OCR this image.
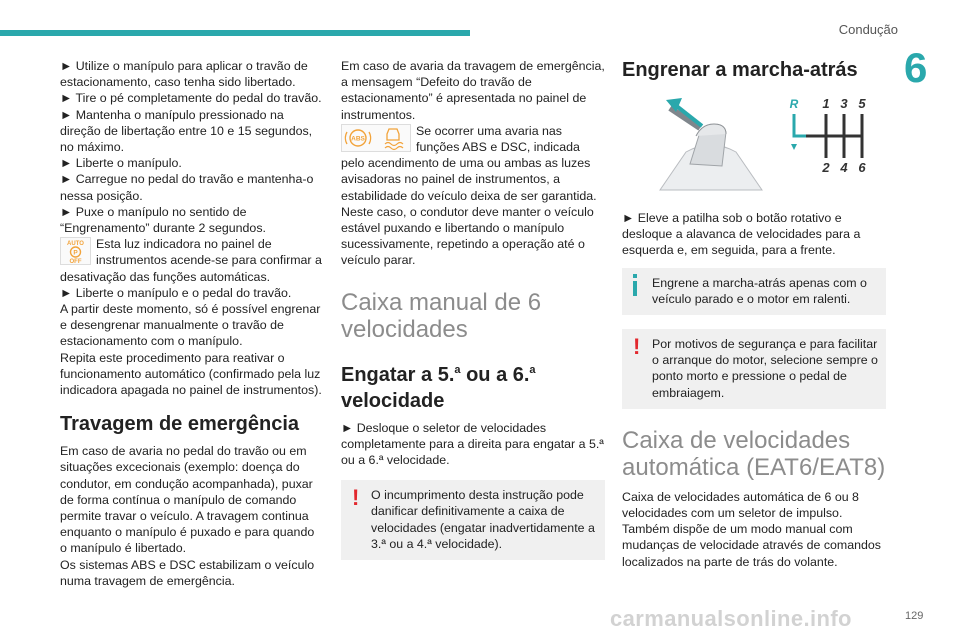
Condução
6

► Utilize o manípulo para aplicar o travão de estacionamento, caso tenha sido libertado.

► Tire o pé completamente do pedal do travão.

► Mantenha o manípulo pressionado na direção de libertação entre 10 e 15 segundos, no máximo.

► Liberte o manípulo.

► Carregue no pedal do travão e mantenha-o nessa posição.

► Puxe o manípulo no sentido de “Engrenamento” durante 2 segundos.

AUTO
P
OFF
Esta luz indicadora no painel de instrumentos acende-se para confirmar a desativação das funções automáticas.

► Liberte o manípulo e o pedal do travão.

A partir deste momento, só é possível engrenar e desengrenar manualmente o travão de estacionamento com o manípulo.

Repita este procedimento para reativar o funcionamento automático (confirmado pela luz indicadora apagada no painel de instrumentos).

Travagem de emergência

Em caso de avaria no pedal do travão ou em situações excecionais (exemplo: doença do condutor, em condução acompanhada), puxar de forma contínua o manípulo de comando permite travar o veículo. A travagem continua enquanto o manípulo é puxado e para quando o manípulo é libertado.

Os sistemas ABS e DSC estabilizam o veículo numa travagem de emergência.

Em caso de avaria da travagem de emergência, a mensagem “Defeito do travão de estacionamento” é apresentada no painel de instrumentos.

ABS
Se ocorrer uma avaria nas funções ABS e DSC, indicada pelo acendimento de uma ou ambas as luzes avisadoras no painel de instrumentos, a estabilidade do veículo deixa de ser garantida.

Neste caso, o condutor deve manter o veículo estável puxando e libertando o manípulo sucessivamente, repetindo a operação até o veículo parar.

Caixa manual de 6 velocidades
Engatar a 5.$^a$ ou a 6.$^a$
velocidade

► Desloque o seletor de velocidades completamente para a direita para engatar a 5.ª ou a 6.ª velocidade.

! O incumprimento desta instrução pode danificar definitivamente a caixa de velocidades (engatar inadvertidamente a 3.ª ou a 4.ª velocidade).
Engrenar a marcha-atrás
R 1 3 5
2 4 6

► Eleve a patilha sob o botão rotativo e desloque a alavanca de velocidades para a esquerda e, em seguida, para a frente.

Engrene a marcha-atrás apenas com o veículo parado e o motor em ralenti.
! Por motivos de segurança e para facilitar o arranque do motor, selecione sempre o ponto morto e pressione o pedal de embraiagem.
Caixa de velocidades automática (EAT6/EAT8)

Caixa de velocidades automática de 6 ou 8 velocidades com um seletor de impulso. Também dispõe de um modo manual com mudanças de velocidade através de comandos localizados na parte de trás do volante.

carmanualsonline.info	129
